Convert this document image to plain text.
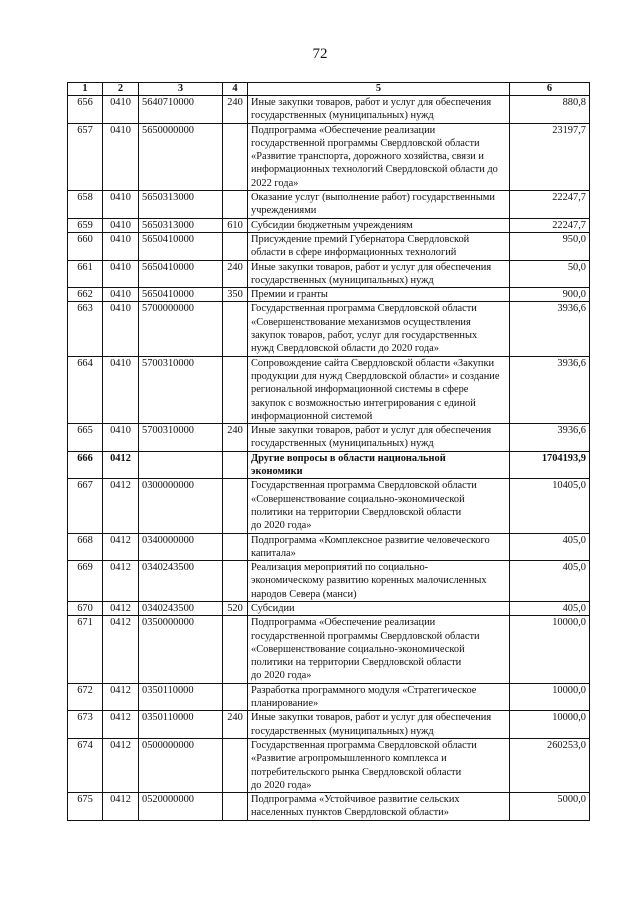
72
1	2	3	4	5	6
656	0410	5640710000	240	Иные закупки товаров, работ и услуг для обеспечения
государственных (муниципальных) нужд	880,8
657	0410	5650000000		Подпрограмма «Обеспечение реализации
государственной программы Свердловской области
«Развитие транспорта, дорожного хозяйства, связи и
информационных технологий Свердловской области до
2022 года»	23197,7
658	0410	5650313000		Оказание услуг (выполнение работ) государственными
учреждениями	22247,7
659	0410	5650313000	610	Субсидии бюджетным учреждениям	22247,7
660	0410	5650410000		Присуждение премий Губернатора Свердловской
области в сфере информационных технологий	950,0
661	0410	5650410000	240	Иные закупки товаров, работ и услуг для обеспечения
государственных (муниципальных) нужд	50,0
662	0410	5650410000	350	Премии и гранты	900,0
663	0410	5700000000		Государственная программа Свердловской области
«Совершенствование механизмов осуществления
закупок товаров, работ, услуг для государственных
нужд Свердловской области до 2020 года»	3936,6
664	0410	5700310000		Сопровождение сайта Свердловской области «Закупки
продукции для нужд Свердловской области» и создание
региональной информационной системы в сфере
закупок с возможностью интегрирования с единой
информационной системой	3936,6
665	0410	5700310000	240	Иные закупки товаров, работ и услуг для обеспечения
государственных (муниципальных) нужд	3936,6
666	0412			Другие вопросы в области национальной
экономики	1704193,9
667	0412	0300000000		Государственная программа Свердловской области
«Совершенствование социально-экономической
политики на территории Свердловской области
до 2020 года»	10405,0
668	0412	0340000000		Подпрограмма «Комплексное развитие человеческого
капитала»	405,0
669	0412	0340243500		Реализация мероприятий по социально-
экономическому развитию коренных малочисленных
народов Севера (манси)	405,0
670	0412	0340243500	520	Субсидии	405,0
671	0412	0350000000		Подпрограмма «Обеспечение реализации
государственной программы Свердловской области
«Совершенствование социально-экономической
политики на территории Свердловской области
до 2020 года»	10000,0
672	0412	0350110000		Разработка программного модуля «Стратегическое
планирование»	10000,0
673	0412	0350110000	240	Иные закупки товаров, работ и услуг для обеспечения
государственных (муниципальных) нужд	10000,0
674	0412	0500000000		Государственная программа Свердловской области
«Развитие агропромышленного комплекса и
потребительского рынка Свердловской области
до 2020 года»	260253,0
675	0412	0520000000		Подпрограмма «Устойчивое развитие сельских
населенных пунктов Свердловской области»	5000,0
